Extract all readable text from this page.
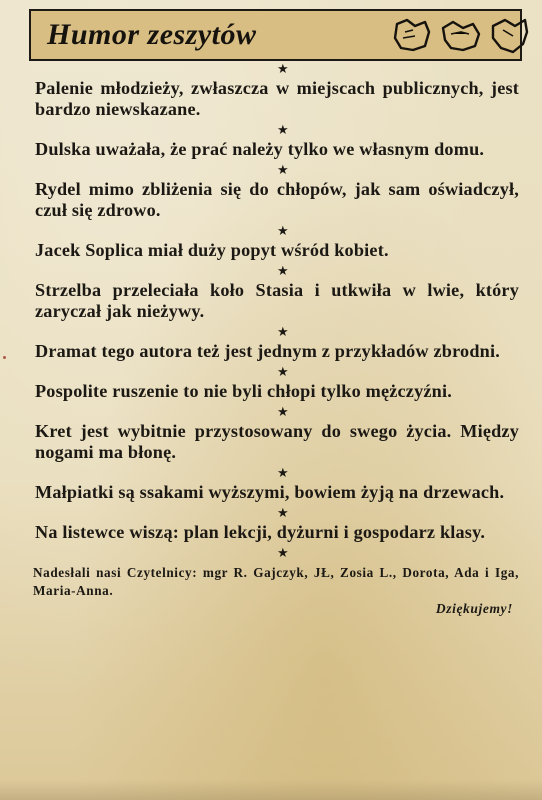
Humor zeszytów
★
Palenie młodzieży, zwłaszcza w miejscach publicznych, jest bardzo niewskazane.
★
Dulska uważała, że prać należy tylko we własnym domu.
★
Rydel mimo zbliżenia się do chłopów, jak sam oświadczył, czuł się zdrowo.
★
Jacek Soplica miał duży popyt wśród kobiet.
★
Strzelba przeleciała koło Stasia i utkwiła w lwie, który zaryczał jak nieżywy.
★
Dramat tego autora też jest jednym z przykładów zbrodni.
★
Pospolite ruszenie to nie byli chłopi tylko mężczyźni.
★
Kret jest wybitnie przystosowany do swego życia. Między nogami ma błonę.
★
Małpiatki są ssakami wyższymi, bowiem żyją na drzewach.
★
Na listewce wiszą: plan lekcji, dyżurni i gospodarz klasy.
★
Nadesłali nasi Czytelnicy: mgr R. Gajczyk, JŁ, Zosia L., Dorota, Ada i Iga, Maria-Anna.
Dziękujemy!
